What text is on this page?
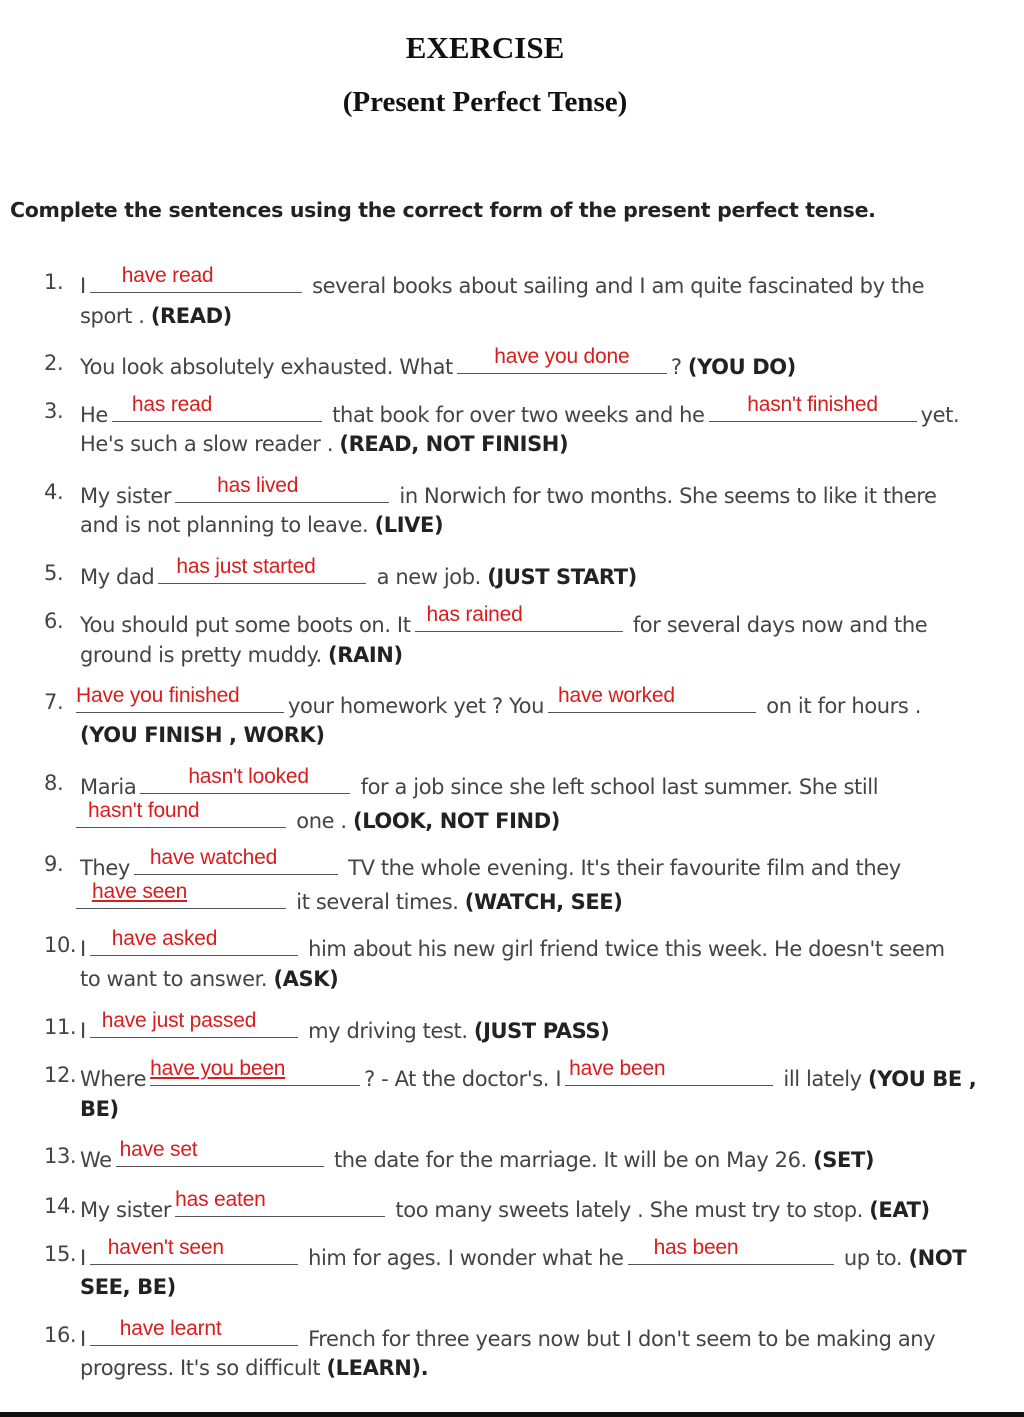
EXERCISE
(Present Perfect Tense)
Complete the sentences using the correct form of the present perfect tense.
1. I	have read	several books about sailing and I am quite fascinated by the
sport . (READ)
2. You look absolutely exhausted. What	have you done	? (YOU DO)
3. He	has read	that book for over two weeks and he	hasn't finished	yet.
He's such a slow reader . (READ, NOT FINISH)
4. My sister	has lived	in Norwich for two months. She seems to like it there
and is not planning to leave. (LIVE)
5. My dad	has just started	a new job. (JUST START)
6. You should put some boots on. It has rained	for several days now and the
ground is pretty muddy. (RAIN)
7. Have you finished	your homework yet ? You have worked	on it for hours .
(YOU FINISH , WORK)
8. Maria	hasn't looked	for a job since she left school last summer. She still
hasn't found	one . (LOOK, NOT FIND)
9. They have watched	TV the whole evening. It's their favourite film and they
have seen	it several times. (WATCH, SEE)
10. I	have asked	him about his new girl friend twice this week. He doesn't seem
to want to answer. (ASK)
11. I have just passed	my driving test. (JUST PASS)
12. Where have you been	? - At the doctor's. I have been	ill lately (YOU BE ,
BE)
13. We have set	the date for the marriage. It will be on May 26. (SET)
14. My sister has eaten	too many sweets lately . She must try to stop. (EAT)
15. I	haven't seen	him for ages. I wonder what he	has been	up to. (NOT
SEE, BE)
16. I	have learnt	French for three years now but I don't seem to be making any
progress. It's so difficult (LEARN).
